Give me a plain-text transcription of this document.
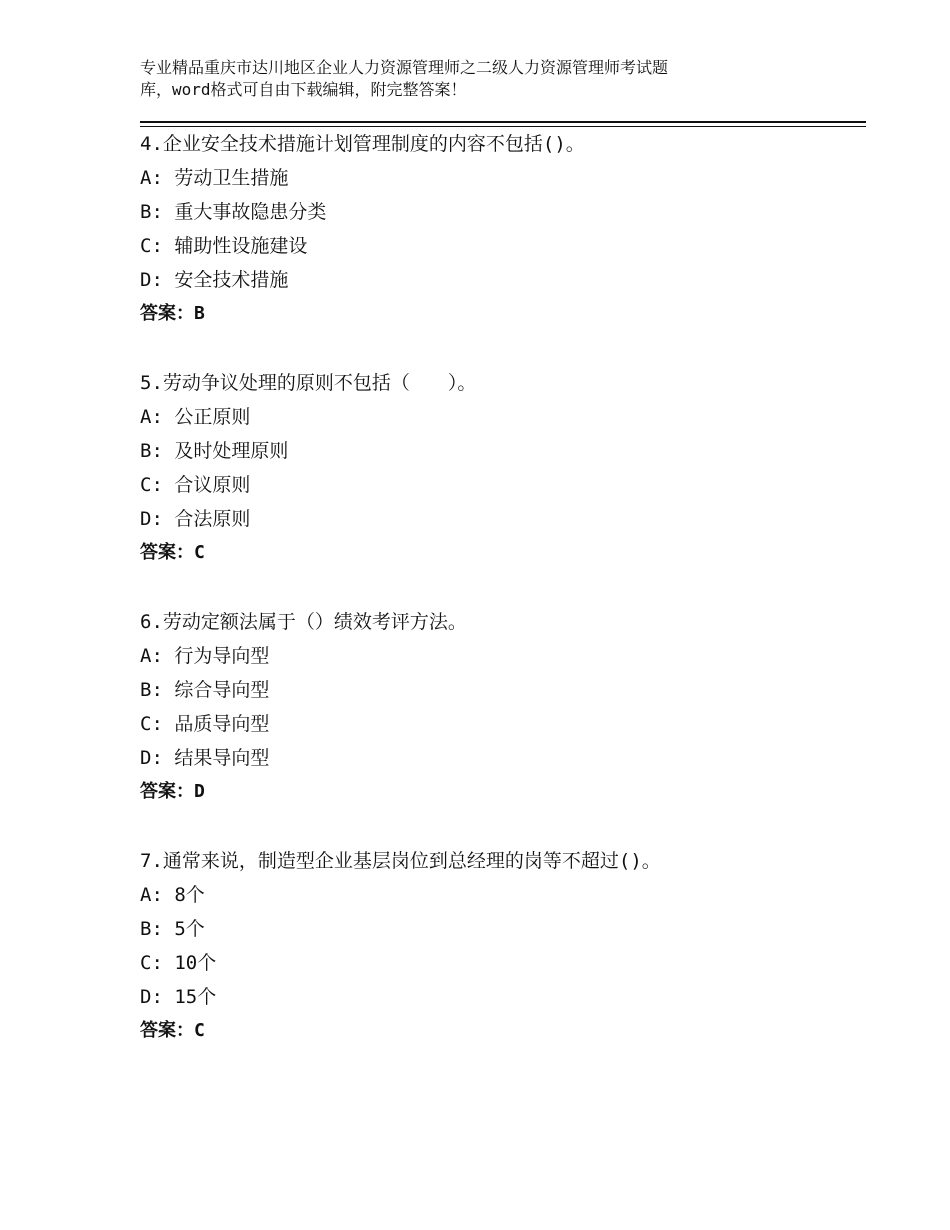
专业精品重庆市达川地区企业人力资源管理师之二级人力资源管理师考试题
库，word格式可自由下载编辑，附完整答案！
4.企业安全技术措施计划管理制度的内容不包括()。
A: 劳动卫生措施
B: 重大事故隐患分类
C: 辅助性设施建设
D: 安全技术措施
答案：B
5.劳动争议处理的原则不包括（　　）。
A: 公正原则
B: 及时处理原则
C: 合议原则
D: 合法原则
答案：C
6.劳动定额法属于（）绩效考评方法。
A: 行为导向型
B: 综合导向型
C: 品质导向型
D: 结果导向型
答案：D
7.通常来说，制造型企业基层岗位到总经理的岗等不超过()。
A: 8个
B: 5个
C: 10个
D: 15个
答案：C
